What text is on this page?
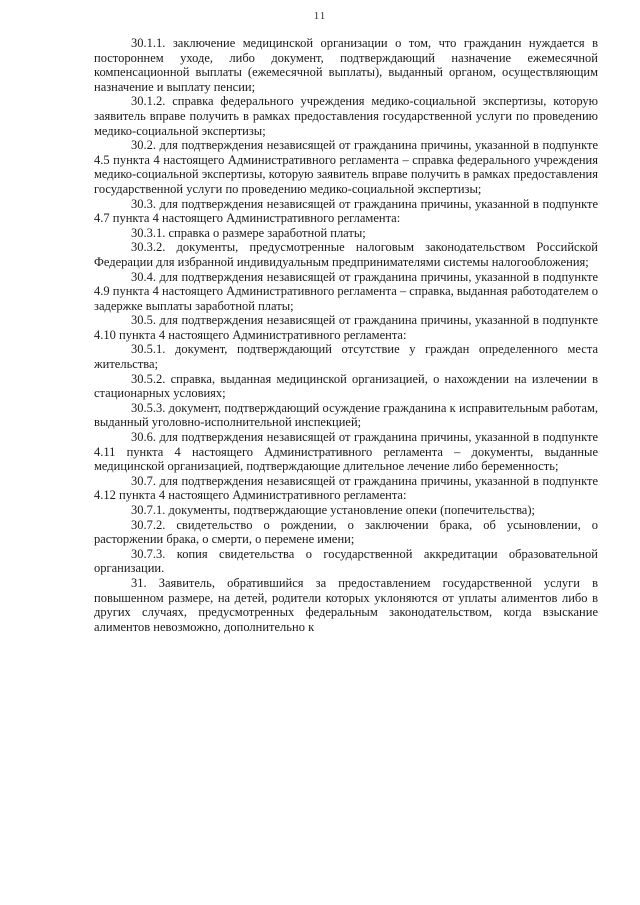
11

30.1.1. заключение медицинской организации о том, что гражданин нуждается в постороннем уходе, либо документ, подтверждающий назначение ежемесячной компенсационной выплаты (ежемесячной выплаты), выданный органом, осуществляющим назначение и выплату пенсии;

30.1.2. справка федерального учреждения медико-социальной экспертизы, которую заявитель вправе получить в рамках предоставления государственной услуги по проведению медико-социальной экспертизы;

30.2. для подтверждения независящей от гражданина причины, указанной в подпункте 4.5 пункта 4 настоящего Административного регламента – справка федерального учреждения медико-социальной экспертизы, которую заявитель вправе получить в рамках предоставления государственной услуги по проведению медико-социальной экспертизы;

30.3. для подтверждения независящей от гражданина причины, указанной в подпункте 4.7 пункта 4 настоящего Административного регламента:

30.3.1. справка о размере заработной платы;

30.3.2. документы, предусмотренные налоговым законодательством Российской Федерации для избранной индивидуальным предпринимателями системы налогообложения;

30.4. для подтверждения независящей от гражданина причины, указанной в подпункте 4.9 пункта 4 настоящего Административного регламента – справка, выданная работодателем о задержке выплаты заработной платы;

30.5. для подтверждения независящей от гражданина причины, указанной в подпункте 4.10 пункта 4 настоящего Административного регламента:

30.5.1. документ, подтверждающий отсутствие у граждан определенного места жительства;

30.5.2. справка, выданная медицинской организацией, о нахождении на излечении в стационарных условиях;

30.5.3. документ, подтверждающий осуждение гражданина к исправительным работам, выданный уголовно-исполнительной инспекцией;

30.6. для подтверждения независящей от гражданина причины, указанной в подпункте 4.11 пункта 4 настоящего Административного регламента – документы, выданные медицинской организацией, подтверждающие длительное лечение либо беременность;

30.7. для подтверждения независящей от гражданина причины, указанной в подпункте 4.12 пункта 4 настоящего Административного регламента:

30.7.1. документы, подтверждающие установление опеки (попечительства);

30.7.2. свидетельство о рождении, о заключении брака, об усыновлении, о расторжении брака, о смерти, о перемене имени;

30.7.3. копия свидетельства о государственной аккредитации образовательной организации.

31. Заявитель, обратившийся за предоставлением государственной услуги в повышенном размере, на детей, родители которых уклоняются от уплаты алиментов либо в других случаях, предусмотренных федеральным законодательством, когда взыскание алиментов невозможно, дополнительно к
